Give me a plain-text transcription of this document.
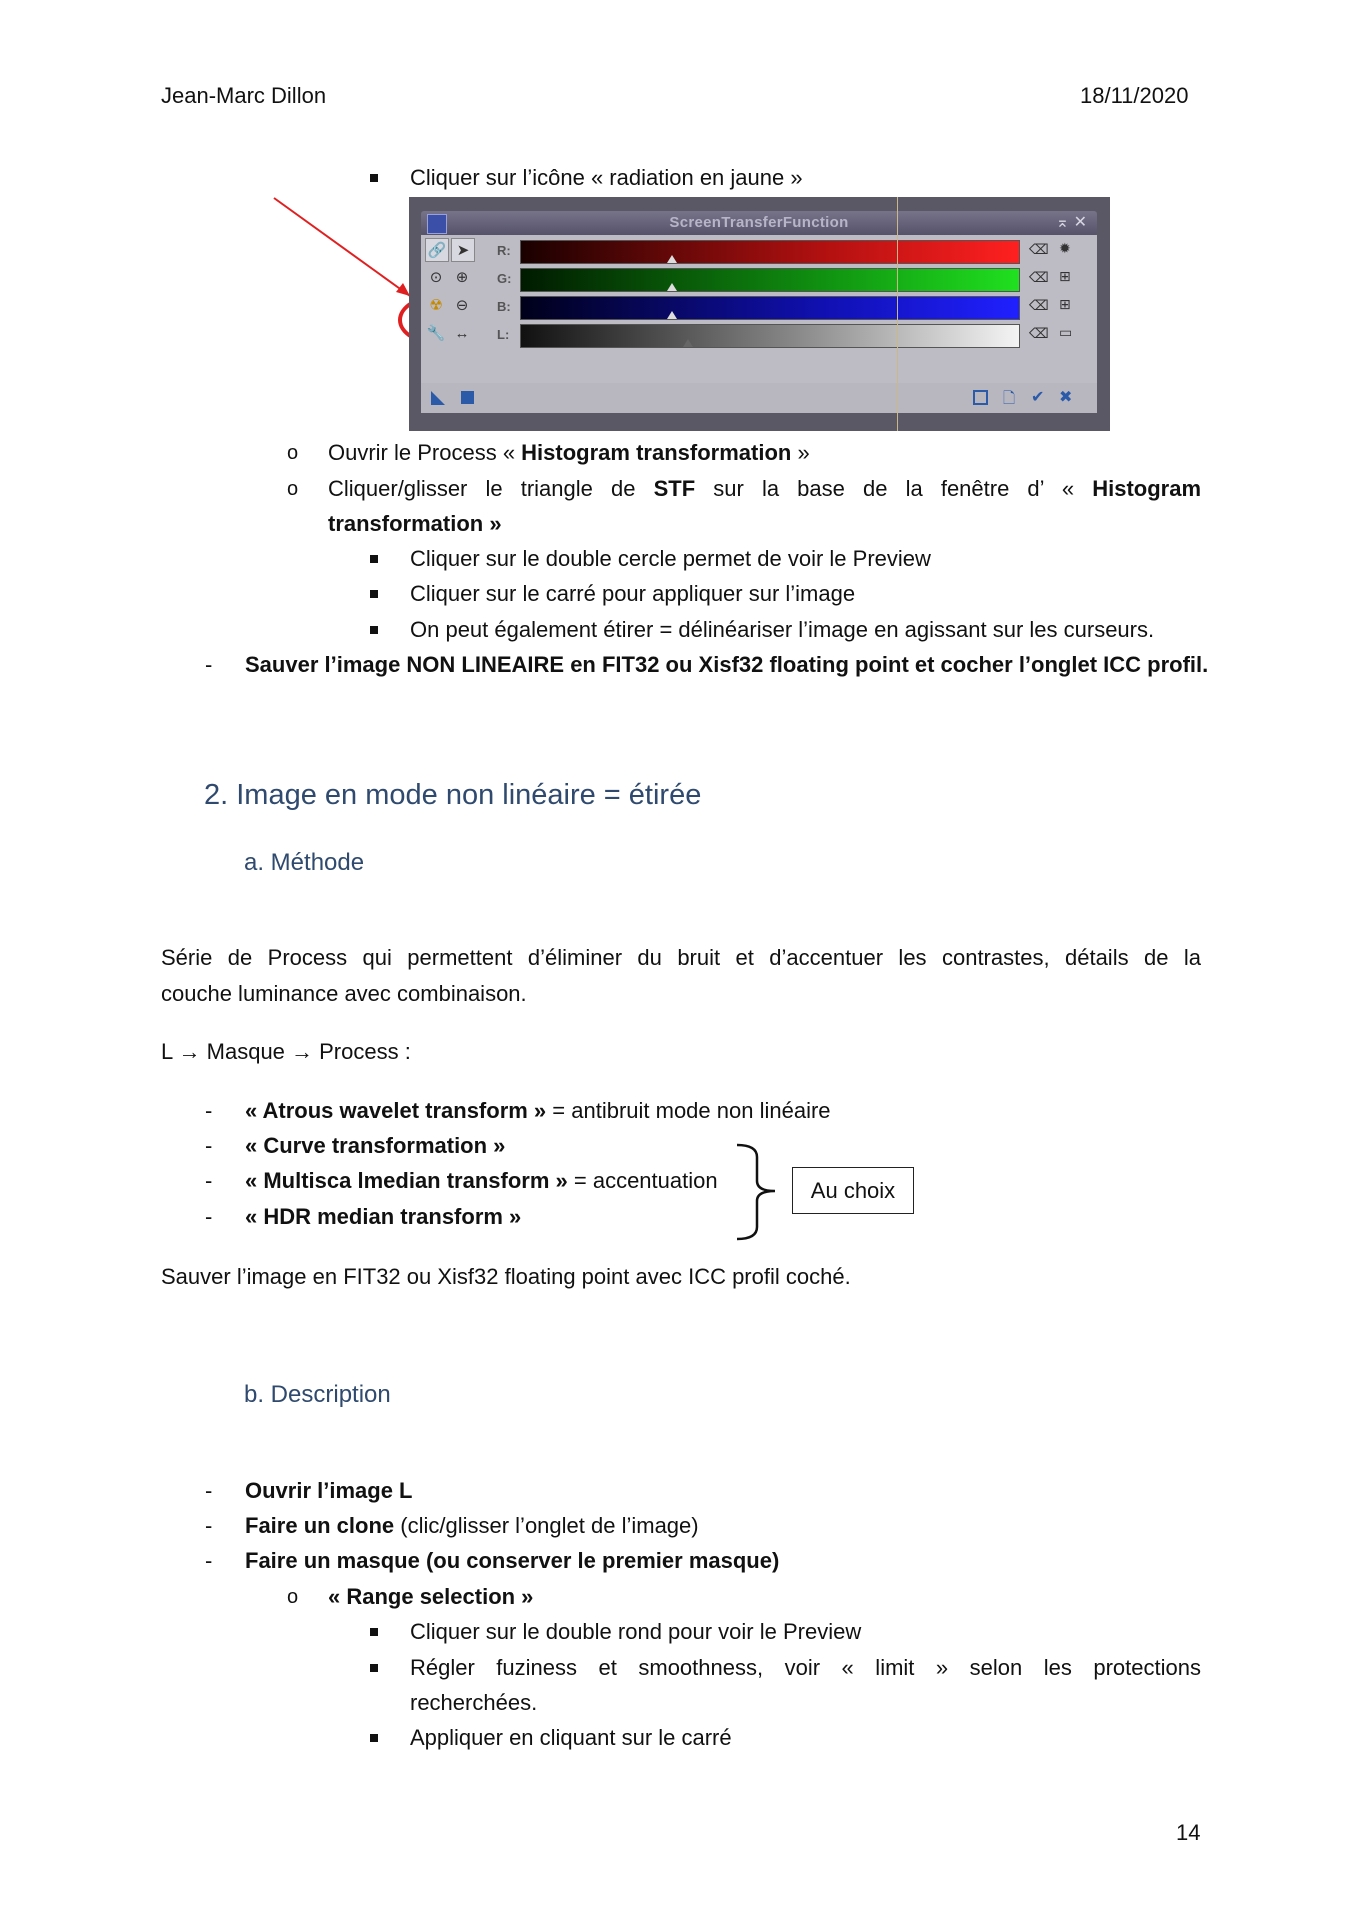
Jean-Marc Dillon	18/11/2020
Cliquer sur l’icône « radiation en jaune »
ScreenTransferFunction	⌅ ✕
🔗 ➤
⊙ ⊕
☢ ⊖
🔧 ↔
R:
G:
B:
L:
⌫
⌫
⌫
⌫
✹
⊞
⊞
▭
🗋 ✔ ✖
o Ouvrir le Process « Histogram transformation »
o Cliquer/glisser le triangle de STF sur la base de la fenêtre d’ « Histogram
transformation »
Cliquer sur le double cercle permet de voir le Preview
Cliquer sur le carré pour appliquer sur l’image
On peut également étirer = délinéariser l’image en agissant sur les curseurs.
- Sauver l’image NON LINEAIRE en FIT32 ou Xisf32 floating point et cocher l’onglet ICC profil.
2. Image en mode non linéaire = étirée
a. Méthode
Série de Process qui permettent d’éliminer du bruit et d’accentuer les contrastes, détails de la
couche luminance avec combinaison.
L → Masque → Process :
- « Atrous wavelet transform » = antibruit mode non linéaire
- « Curve transformation »
- « Multisca lmedian transform » = accentuation
- « HDR median transform »
Au choix
Sauver l’image en FIT32 ou Xisf32 floating point avec ICC profil coché.
b. Description
- Ouvrir l’image L
- Faire un clone (clic/glisser l’onglet de l’image)
- Faire un masque (ou conserver le premier masque)
o « Range selection »
Cliquer sur le double rond pour voir le Preview
Régler fuziness et smoothness, voir « limit » selon les protections
recherchées.
Appliquer en cliquant sur le carré
14
